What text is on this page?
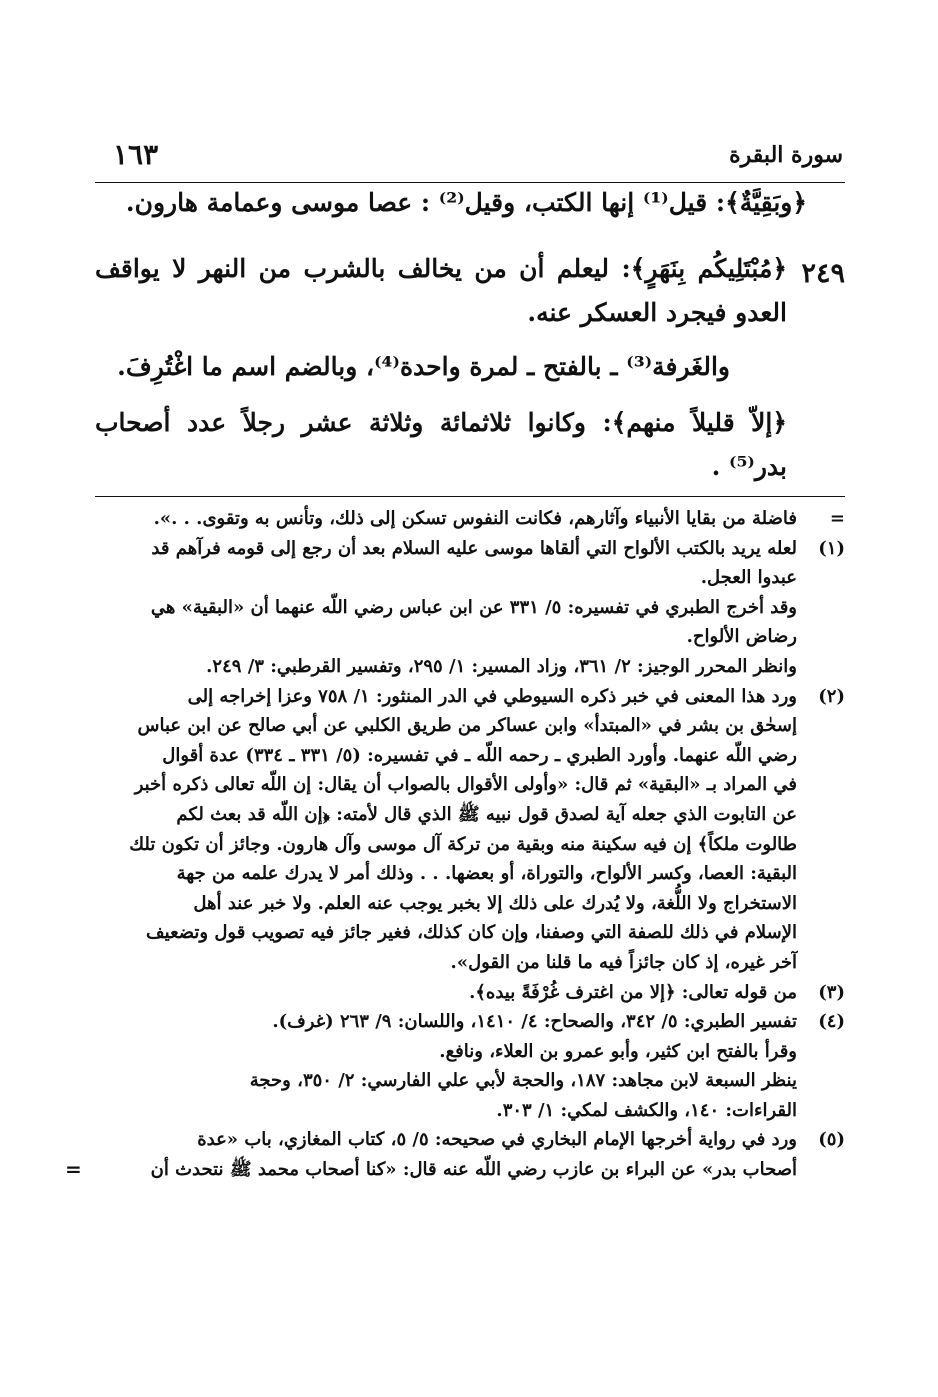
سورة البقرة
١٦٣
﴿وبَقِيَّةٌ﴾: قيل⁽¹⁾ إنها الكتب، وقيل⁽²⁾ : عصا موسى وعمامة هارون.
٢٤٩
﴿مُبْتَلِيكُم بِنَهَرٍ﴾: ليعلم أن من يخالف بالشرب من النهر لا يواقف
العدو فيجرد العسكر عنه.
والغَرفة⁽³⁾ ـ بالفتح ـ لمرة واحدة⁽⁴⁾، وبالضم اسم ما اغْتُرِفَ.
﴿إلاّ قليلاً منهم﴾: وكانوا ثلاثمائة وثلاثة عشر رجلاً عدد أصحاب
بدر⁽⁵⁾ .
=
فاضلة من بقايا الأنبياء وآثارهم، فكانت النفوس تسكن إلى ذلك، وتأنس به وتقوى. . .».
(١)
لعله يريد بالكتب الألواح التي ألقاها موسى عليه السلام بعد أن رجع إلى قومه فرآهم قد
عبدوا العجل.
وقد أخرج الطبري في تفسيره: ٥/ ٣٣١ عن ابن عباس رضي اللّه عنهما أن «البقية» هي
رضاض الألواح.
وانظر المحرر الوجيز: ٢/ ٣٦١، وزاد المسير: ١/ ٢٩٥، وتفسير القرطبي: ٣/ ٢٤٩.
(٢)
ورد هذا المعنى في خبر ذكره السيوطي في الدر المنثور: ١/ ٧٥٨ وعزا إخراجه إلى
إسحٰق بن بشر في «المبتدأ» وابن عساكر من طريق الكلبي عن أبي صالح عن ابن عباس
رضي اللّه عنهما. وأورد الطبري ـ رحمه اللّه ـ في تفسيره: (٥/ ٣٣١ ـ ٣٣٤) عدة أقوال
في المراد بـ «البقية» ثم قال: «وأولى الأقوال بالصواب أن يقال: إن اللّه تعالى ذكره أخبر
عن التابوت الذي جعله آية لصدق قول نبيه ﷺ الذي قال لأمته: ﴿إن اللّه قد بعث لكم
طالوت ملكاً﴾ إن فيه سكينة منه وبقية من تركة آل موسى وآل هارون. وجائز أن تكون تلك
البقية: العصا، وكسر الألواح، والتوراة، أو بعضها. . . وذلك أمر لا يدرك علمه من جهة
الاستخراج ولا اللُّغة، ولا يُدرك على ذلك إلا بخبر يوجب عنه العلم. ولا خبر عند أهل
الإسلام في ذلك للصفة التي وصفنا، وإن كان كذلك، فغير جائز فيه تصويب قول وتضعيف
آخر غيره، إذ كان جائزاً فيه ما قلنا من القول».
(٣)
من قوله تعالى: ﴿إلا من اغترف غُرْفَةً بيده﴾.
(٤)
تفسير الطبري: ٥/ ٣٤٢، والصحاح: ٤/ ١٤١٠، واللسان: ٩/ ٢٦٣ (غرف).
وقرأ بالفتح ابن كثير، وأبو عمرو بن العلاء، ونافع.
ينظر السبعة لابن مجاهد: ١٨٧، والحجة لأبي علي الفارسي: ٢/ ٣٥٠، وحجة
القراءات: ١٤٠، والكشف لمكي: ١/ ٣٠٣.
(٥)
ورد في رواية أخرجها الإمام البخاري في صحيحه: ٥/ ٥، كتاب المغازي، باب «عدة
أصحاب بدر» عن البراء بن عازب رضي اللّه عنه قال: «كنا أصحاب محمد ﷺ نتحدث أن
=
